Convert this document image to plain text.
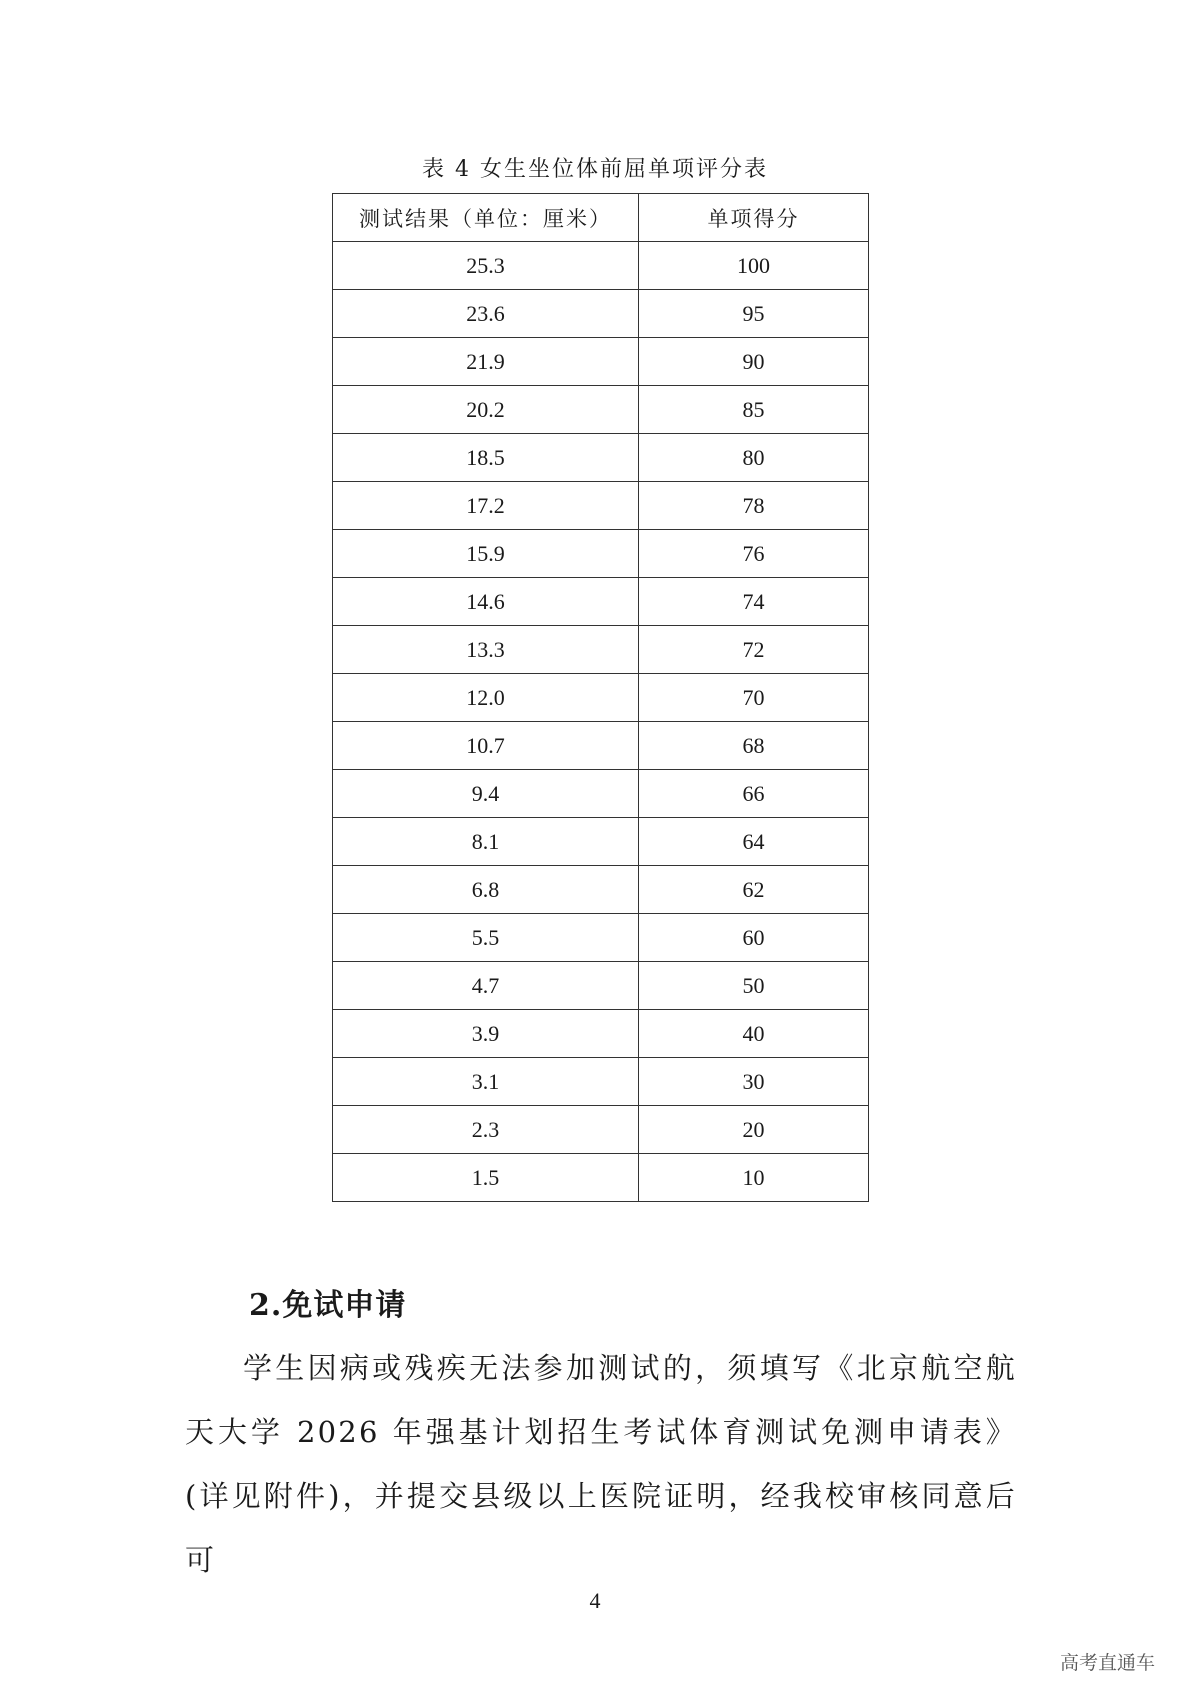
表 4 女生坐位体前屈单项评分表
测试结果（单位：厘米）	单项得分
25.3	100
23.6	95
21.9	90
20.2	85
18.5	80
17.2	78
15.9	76
14.6	74
13.3	72
12.0	70
10.7	68
9.4	66
8.1	64
6.8	62
5.5	60
4.7	50
3.9	40
3.1	30
2.3	20
1.5	10
2.免试申请
学生因病或残疾无法参加测试的，须填写《北京航空航天大学 2026 年强基计划招生考试体育测试免测申请表》(详见附件)，并提交县级以上医院证明，经我校审核同意后可
4
高考直通车
